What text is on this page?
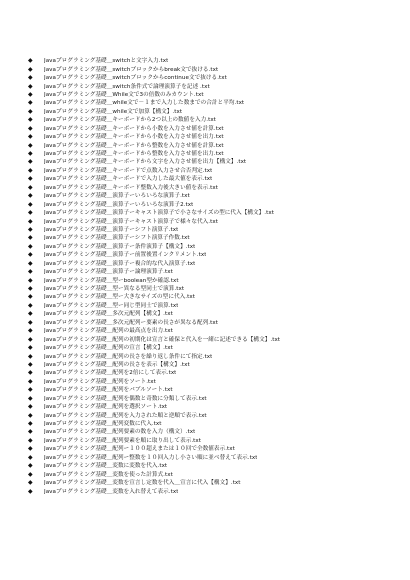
◆	Javaプログラミング基礎＿switchと文字入力.txt
◆	Javaプログラミング基礎＿switchブロックからbreak文で抜ける.txt
◆	Javaプログラミング基礎＿switchブロックからcontinue文で抜ける.txt
◆	Javaプログラミング基礎＿switch条件式で論理演算子を記述 .txt
◆	Javaプログラミング基礎＿While文で3の倍数のみカウント.txt
◆	Javaプログラミング基礎＿while文で－１まで入力した数までの合計と平均.txt
◆	Javaプログラミング基礎＿while文で加算【構文】.txt
◆	Javaプログラミング基礎＿キーボードから2つ以上の数値を入力.txt
◆	Javaプログラミング基礎＿キーボードから小数を入力させ値を計算.txt
◆	Javaプログラミング基礎＿キーボードから小数を入力させ値を出力.txt
◆	Javaプログラミング基礎＿キーボードから整数を入力させ値を計算.txt
◆	Javaプログラミング基礎＿キーボードから整数を入力させ値を出力.txt
◆	Javaプログラミング基礎＿キーボードから文字を入力させ値を出力【構文】.txt
◆	Javaプログラミング基礎＿キーボードで点数入力させ合否判定.txt
◆	Javaプログラミング基礎＿キーボードで入力した最大値を表示.txt
◆	Javaプログラミング基礎＿キーボード整数入力後大きい値を表示.txt
◆	Javaプログラミング基礎＿演算子ーいろいろな演算子.txt
◆	Javaプログラミング基礎＿演算子ーいろいろな演算子2.txt
◆	Javaプログラミング基礎＿演算子ーキャスト演算子で小さなサイズの型に代入【構文】.txt
◆	Javaプログラミング基礎＿演算子ーキャスト演算子で様々な代入.txt
◆	Javaプログラミング基礎＿演算子ーシフト演算子.txt
◆	Javaプログラミング基礎＿演算子ーシフト演算子作数.txt
◆	Javaプログラミング基礎＿演算子ー条件演算子【構文】.txt
◆	Javaプログラミング基礎＿演算子ー前置後置インクリメント.txt
◆	Javaプログラミング基礎＿演算子ー複合的な代入演算子.txt
◆	Javaプログラミング基礎＿演算子ー論理演算子.txt
◆	Javaプログラミング基礎＿型ーboolean型か確認.txt
◆	Javaプログラミング基礎＿型ー異なる型同士で演算.txt
◆	Javaプログラミング基礎＿型ー大きなサイズの型に代入.txt
◆	Javaプログラミング基礎＿型ー同じ型同士で演算.txt
◆	Javaプログラミング基礎＿多次元配列【構文】.txt
◆	Javaプログラミング基礎＿多次元配列ー要素の長さが異なる配列.txt
◆	Javaプログラミング基礎＿配列の最高点を出力.txt
◆	Javaプログラミング基礎＿配列の初期化は宣言と確保と代入を一緒に記述できる【構文】.txt
◆	Javaプログラミング基礎＿配列の宣言【構文】.txt
◆	Javaプログラミング基礎＿配列の長さを繰り返し条件にて指定.txt
◆	Javaプログラミング基礎＿配列の長さを表示【構文】.txt
◆	Javaプログラミング基礎＿配列を2倍にして表示.txt
◆	Javaプログラミング基礎＿配列をソート.txt
◆	Javaプログラミング基礎＿配列をバブルソート.txt
◆	Javaプログラミング基礎＿配列を偶数と奇数に分類して表示.txt
◆	Javaプログラミング基礎＿配列を選択ソート.txt
◆	Javaプログラミング基礎＿配列を入力された順と逆順で表示.txt
◆	Javaプログラミング基礎＿配列変数に代入.txt
◆	Javaプログラミング基礎＿配列要素の数を入力（構文）.txt
◆	Javaプログラミング基礎＿配列要素を順に取り出して表示.txt
◆	Javaプログラミング基礎＿配列ー１００超えまたは１０回で全数値表示.txt
◆	Javaプログラミング基礎＿配列ー整数を１０回入力し小さい順に並べ替えて表示.txt
◆	Javaプログラミング基礎＿変数に変数を代入.txt
◆	Javaプログラミング基礎＿変数を使った計算式.txt
◆	Javaプログラミング基礎＿変数を宣言し定数を代入＿宣言に代入【構文】.txt
◆	Javaプログラミング基礎＿変数を入れ替えて表示.txt
